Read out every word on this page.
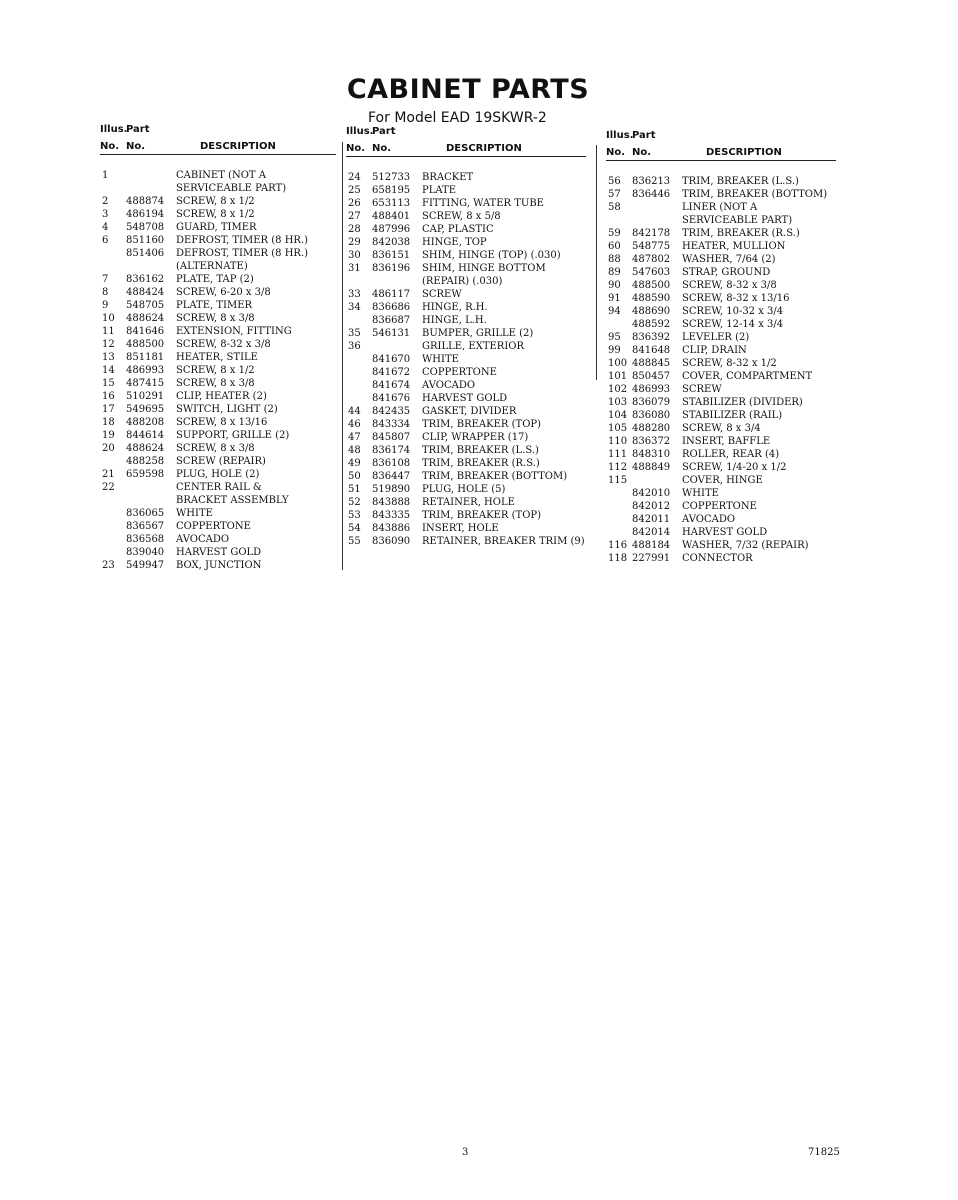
CABINET PARTS
For Model EAD 19SKWR-2
Illus.
Part
No. No.	DESCRIPTION
1	CABINET (NOT A
SERVICEABLE PART)
2 488874 SCREW, 8 x 1/2
3 486194 SCREW, 8 x 1/2
4 548708 GUARD, TIMER
6 851160 DEFROST, TIMER (8 HR.)
851406 DEFROST, TIMER (8 HR.)
(ALTERNATE)
7 836162 PLATE, TAP (2)
8 488424 SCREW, 6-20 x 3/8
9 548705 PLATE, TIMER
10 488624 SCREW, 8 x 3/8
11 841646 EXTENSION, FITTING
12 488500 SCREW, 8-32 x 3/8
13 851181 HEATER, STILE
14 486993 SCREW, 8 x 1/2
15 487415 SCREW, 8 x 3/8
16 510291 CLIP, HEATER (2)
17 549695 SWITCH, LIGHT (2)
18 488208 SCREW, 8 x 13/16
19 844614 SUPPORT, GRILLE (2)
20 488624 SCREW, 8 x 3/8
488258 SCREW (REPAIR)
21 659598 PLUG, HOLE (2)
22	CENTER RAIL &
BRACKET ASSEMBLY
836065 WHITE
836567 COPPERTONE
836568 AVOCADO
839040 HARVEST GOLD
23 549947 BOX, JUNCTION
Illus.
Part
No. No.	DESCRIPTION
24 512733 BRACKET
25 658195 PLATE
26 653113 FITTING, WATER TUBE
27 488401 SCREW, 8 x 5/8
28 487996 CAP, PLASTIC
29 842038 HINGE, TOP
30 836151 SHIM, HINGE (TOP) (.030)
31 836196 SHIM, HINGE BOTTOM
(REPAIR) (.030)
33 486117 SCREW
34 836686 HINGE, R.H.
836687 HINGE, L.H.
35 546131 BUMPER, GRILLE (2)
36	GRILLE, EXTERIOR
841670 WHITE
841672 COPPERTONE
841674 AVOCADO
841676 HARVEST GOLD
44 842435 GASKET, DIVIDER
46 843334 TRIM, BREAKER (TOP)
47 845807 CLIP, WRAPPER (17)
48 836174 TRIM, BREAKER (L.S.)
49 836108 TRIM, BREAKER (R.S.)
50 836447 TRIM, BREAKER (BOTTOM)
51 519890 PLUG, HOLE (5)
52 843888 RETAINER, HOLE
53 843335 TRIM, BREAKER (TOP)
54 843886 INSERT, HOLE
55 836090 RETAINER, BREAKER TRIM (9)
Illus.
Part
No. No.	DESCRIPTION
56 836213 TRIM, BREAKER (L.S.)
57 836446 TRIM, BREAKER (BOTTOM)
58	LINER (NOT A
SERVICEABLE PART)
59 842178 TRIM, BREAKER (R.S.)
60 548775 HEATER, MULLION
88 487802 WASHER, 7/64 (2)
89 547603 STRAP, GROUND
90 488500 SCREW, 8-32 x 3/8
91 488590 SCREW, 8-32 x 13/16
94 488690 SCREW, 10-32 x 3/4
488592 SCREW, 12-14 x 3/4
95 836392 LEVELER (2)
99 841648 CLIP, DRAIN
100 488845 SCREW, 8-32 x 1/2
101 850457 COVER, COMPARTMENT
102 486993 SCREW
103 836079 STABILIZER (DIVIDER)
104 836080 STABILIZER (RAIL)
105 488280 SCREW, 8 x 3/4
110 836372 INSERT, BAFFLE
111 848310 ROLLER, REAR (4)
112 488849 SCREW, 1/4-20 x 1/2
115	COVER, HINGE
842010 WHITE
842012 COPPERTONE
842011 AVOCADO
842014 HARVEST GOLD
116 488184 WASHER, 7/32 (REPAIR)
118 227991 CONNECTOR
3	71825
